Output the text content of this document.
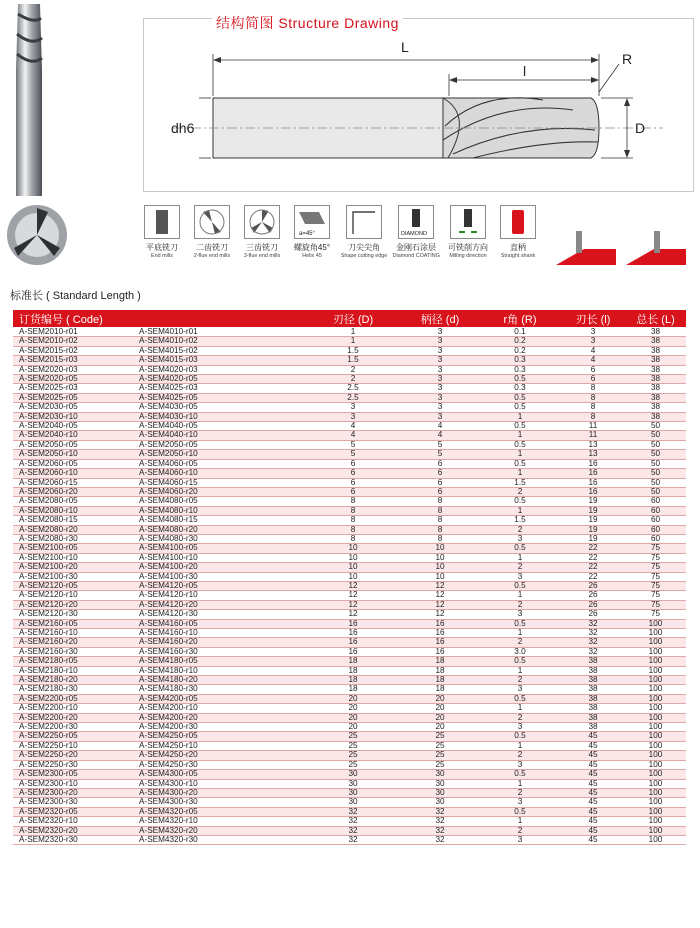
结构简图 Structure Drawing
L
l
R
dh6	D
平底铣刀
End mills
二齿铣刀
2-flue end mills
三齿铣刀
3-flue end mills
a=45°
螺旋角45°
Helix 45
刀尖尖角
Shape cutting edge
DIAMOND
金刚石涂层
Diamond COATING
可铣削方向
Milling direction
直柄
Straight shank
标准长 ( Standard Length )
订货编号 ( Code)		刃径 (D)	柄径 (d)	r角 (R)	刃长 (l)	总长 (L)
A-SEM2010-r01	A-SEM4010-r01	1	3	0.1	3	38
A-SEM2010-r02	A-SEM4010-r02	1	3	0.2	3	38
A-SEM2015-r02	A-SEM4015-r02	1.5	3	0.2	4	38
A-SEM2015-r03	A-SEM4015-r03	1.5	3	0.3	4	38
A-SEM2020-r03	A-SEM4020-r03	2	3	0.3	6	38
A-SEM2020-r05	A-SEM4020-r05	2	3	0.5	6	38
A-SEM2025-r03	A-SEM4025-r03	2.5	3	0.3	8	38
A-SEM2025-r05	A-SEM4025-r05	2.5	3	0.5	8	38
A-SEM2030-r05	A-SEM4030-r05	3	3	0.5	8	38
A-SEM2030-r10	A-SEM4030-r10	3	3	1	8	38
A-SEM2040-r05	A-SEM4040-r05	4	4	0.5	11	50
A-SEM2040-r10	A-SEM4040-r10	4	4	1	11	50
A-SEM2050-r05	A-SEM2050-r05	5	5	0.5	13	50
A-SEM2050-r10	A-SEM2050-r10	5	5	1	13	50
A-SEM2060-r05	A-SEM4060-r05	6	6	0.5	16	50
A-SEM2060-r10	A-SEM4060-r10	6	6	1	16	50
A-SEM2060-r15	A-SEM4060-r15	6	6	1.5	16	50
A-SEM2060-r20	A-SEM4060-r20	6	6	2	16	50
A-SEM2080-r05	A-SEM4080-r05	8	8	0.5	19	60
A-SEM2080-r10	A-SEM4080-r10	8	8	1	19	60
A-SEM2080-r15	A-SEM4080-r15	8	8	1.5	19	60
A-SEM2080-r20	A-SEM4080-r20	8	8	2	19	60
A-SEM2080-r30	A-SEM4080-r30	8	8	3	19	60
A-SEM2100-r05	A-SEM4100-r05	10	10	0.5	22	75
A-SEM2100-r10	A-SEM4100-r10	10	10	1	22	75
A-SEM2100-r20	A-SEM4100-r20	10	10	2	22	75
A-SEM2100-r30	A-SEM4100-r30	10	10	3	22	75
A-SEM2120-r05	A-SEM4120-r05	12	12	0.5	26	75
A-SEM2120-r10	A-SEM4120-r10	12	12	1	26	75
A-SEM2120-r20	A-SEM4120-r20	12	12	2	26	75
A-SEM2120-r30	A-SEM4120-r30	12	12	3	26	75
A-SEM2160-r05	A-SEM4160-r05	16	16	0.5	32	100
A-SEM2160-r10	A-SEM4160-r10	16	16	1	32	100
A-SEM2160-r20	A-SEM4160-r20	16	16	2	32	100
A-SEM2160-r30	A-SEM4160-r30	16	16	3.0	32	100
A-SEM2180-r05	A-SEM4180-r05	18	18	0.5	38	100
A-SEM2180-r10	A-SEM4180-r10	18	18	1	38	100
A-SEM2180-r20	A-SEM4180-r20	18	18	2	38	100
A-SEM2180-r30	A-SEM4180-r30	18	18	3	38	100
A-SEM2200-r05	A-SEM4200-r05	20	20	0.5	38	100
A-SEM2200-r10	A-SEM4200-r10	20	20	1	38	100
A-SEM2200-r20	A-SEM4200-r20	20	20	2	38	100
A-SEM2200-r30	A-SEM4200-r30	20	20	3	38	100
A-SEM2250-r05	A-SEM4250-r05	25	25	0.5	45	100
A-SEM2250-r10	A-SEM4250-r10	25	25	1	45	100
A-SEM2250-r20	A-SEM4250-r20	25	25	2	45	100
A-SEM2250-r30	A-SEM4250-r30	25	25	3	45	100
A-SEM2300-r05	A-SEM4300-r05	30	30	0.5	45	100
A-SEM2300-r10	A-SEM4300-r10	30	30	1	45	100
A-SEM2300-r20	A-SEM4300-r20	30	30	2	45	100
A-SEM2300-r30	A-SEM4300-r30	30	30	3	45	100
A-SEM2320-r05	A-SEM4320-r05	32	32	0.5	45	100
A-SEM2320-r10	A-SEM4320-r10	32	32	1	45	100
A-SEM2320-r20	A-SEM4320-r20	32	32	2	45	100
A-SEM2320-r30	A-SEM4320-r30	32	32	3	45	100
